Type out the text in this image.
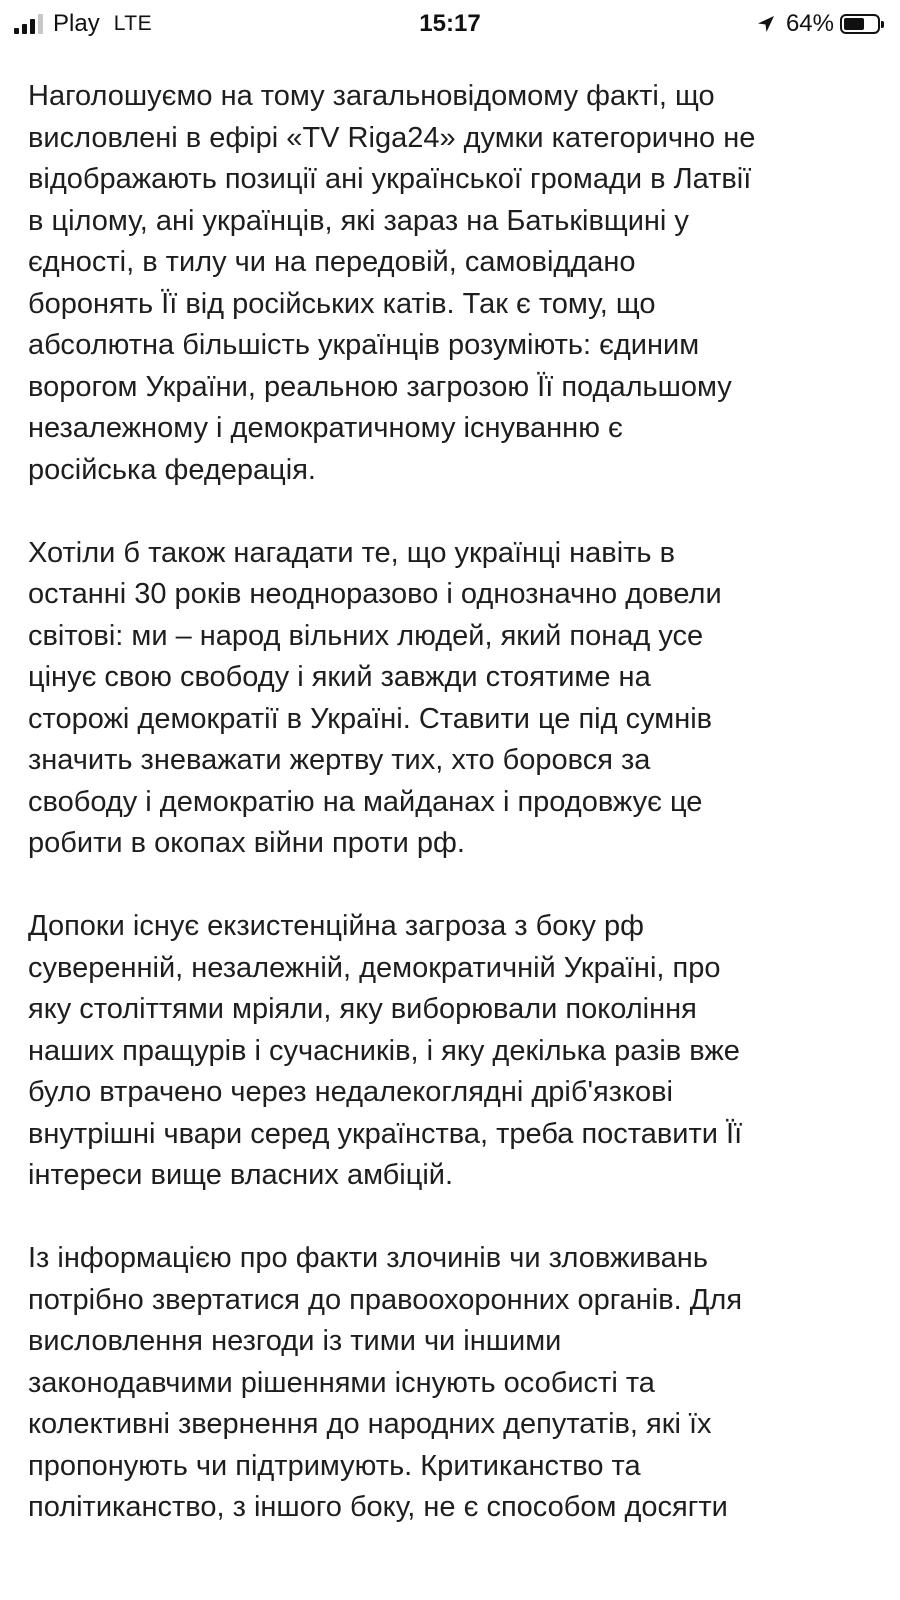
Play LTE	15:17	64%

Наголошуємо на тому загальновідомому факті, що
висловлені в ефірі «TV Riga24» думки категорично не
відображають позиції ані української громади в Латвії
в цілому, ані українців, які зараз на Батьківщині у
єдності, в тилу чи на передовій, самовіддано
боронять Її від російських катів. Так є тому, що
абсолютна більшість українців розуміють: єдиним
ворогом України, реальною загрозою Її подальшому
незалежному і демократичному існуванню є
російська федерація.

Хотіли б також нагадати те, що українці навіть в
останні 30 років неодноразово і однозначно довели
світові: ми – народ вільних людей, який понад усе
цінує свою свободу і який завжди стоятиме на
сторожі демократії в Україні. Ставити це під сумнів
значить зневажати жертву тих, хто боровся за
свободу і демократію на майданах і продовжує це
робити в окопах війни проти рф.

Допоки існує екзистенційна загроза з боку рф
суверенній, незалежній, демократичній Україні, про
яку століттями мріяли, яку виборювали покоління
наших пращурів і сучасників, і яку декілька разів вже
було втрачено через недалекоглядні дріб'язкові
внутрішні чвари серед українства, треба поставити Її
інтереси вище власних амбіцій.

Із інформацією про факти злочинів чи зловживань
потрібно звертатися до правоохоронних органів. Для
висловлення незгоди із тими чи іншими
законодавчими рішеннями існують особисті та
колективні звернення до народних депутатів, які їх
пропонують чи підтримують. Критиканство та
політиканство, з іншого боку, не є способом досягти
